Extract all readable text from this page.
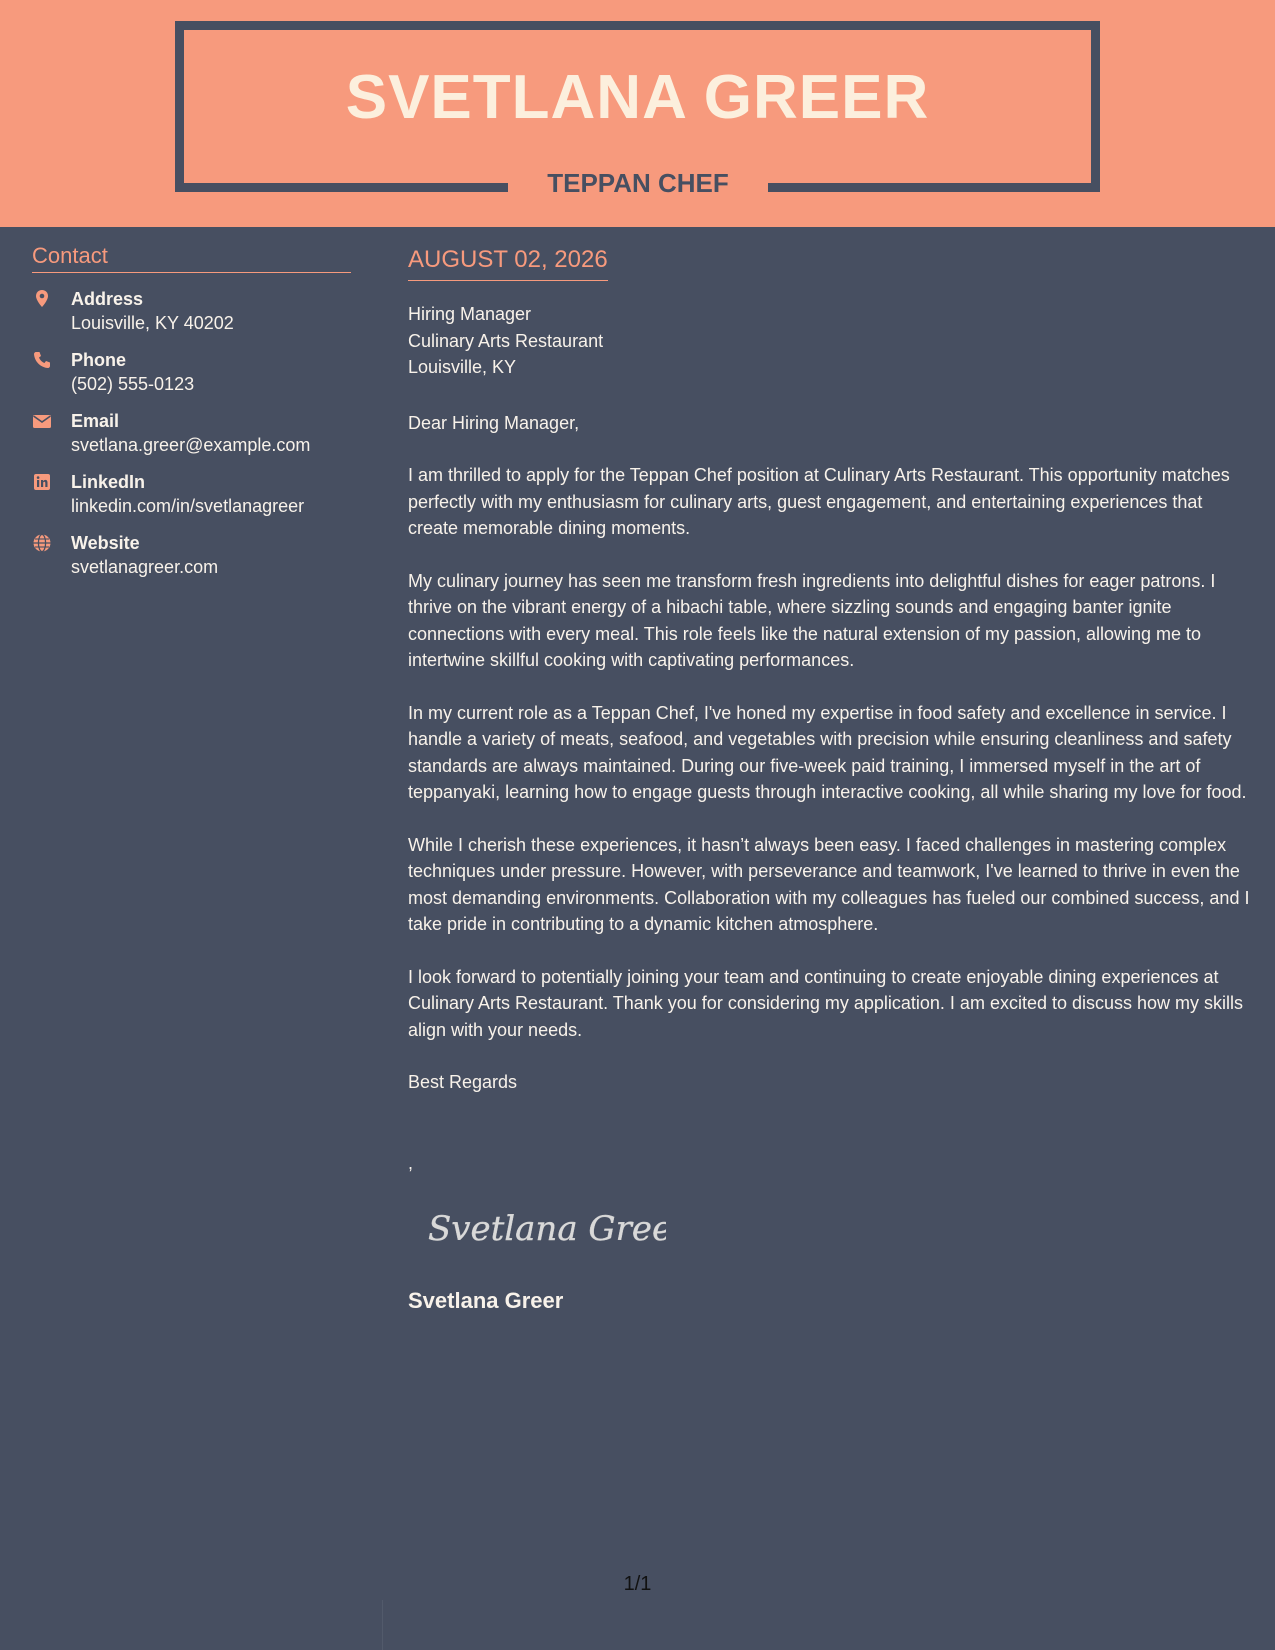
SVETLANA GREER
TEPPAN CHEF
Contact
Address
Louisville, KY 40202
Phone
(502) 555-0123
Email
svetlana.greer@example.com
LinkedIn
linkedin.com/in/svetlanagreer
Website
svetlanagreer.com
AUGUST 02, 2026
Hiring Manager
Culinary Arts Restaurant
Louisville, KY
Dear Hiring Manager,

I am thrilled to apply for the Teppan Chef position at Culinary Arts Restaurant. This opportunity matches perfectly with my enthusiasm for culinary arts, guest engagement, and entertaining experiences that create memorable dining moments.

My culinary journey has seen me transform fresh ingredients into delightful dishes for eager patrons. I thrive on the vibrant energy of a hibachi table, where sizzling sounds and engaging banter ignite connections with every meal. This role feels like the natural extension of my passion, allowing me to intertwine skillful cooking with captivating performances.

In my current role as a Teppan Chef, I've honed my expertise in food safety and excellence in service. I handle a variety of meats, seafood, and vegetables with precision while ensuring cleanliness and safety standards are always maintained. During our five-week paid training, I immersed myself in the art of teppanyaki, learning how to engage guests through interactive cooking, all while sharing my love for food.

While I cherish these experiences, it hasn’t always been easy. I faced challenges in mastering complex techniques under pressure. However, with perseverance and teamwork, I've learned to thrive in even the most demanding environments. Collaboration with my colleagues has fueled our combined success, and I take pride in contributing to a dynamic kitchen atmosphere.

I look forward to potentially joining your team and continuing to create enjoyable dining experiences at Culinary Arts Restaurant. Thank you for considering my application. I am excited to discuss how my skills align with your needs.

Best Regards
,
Svetlana Greer
Svetlana Greer
1/1
